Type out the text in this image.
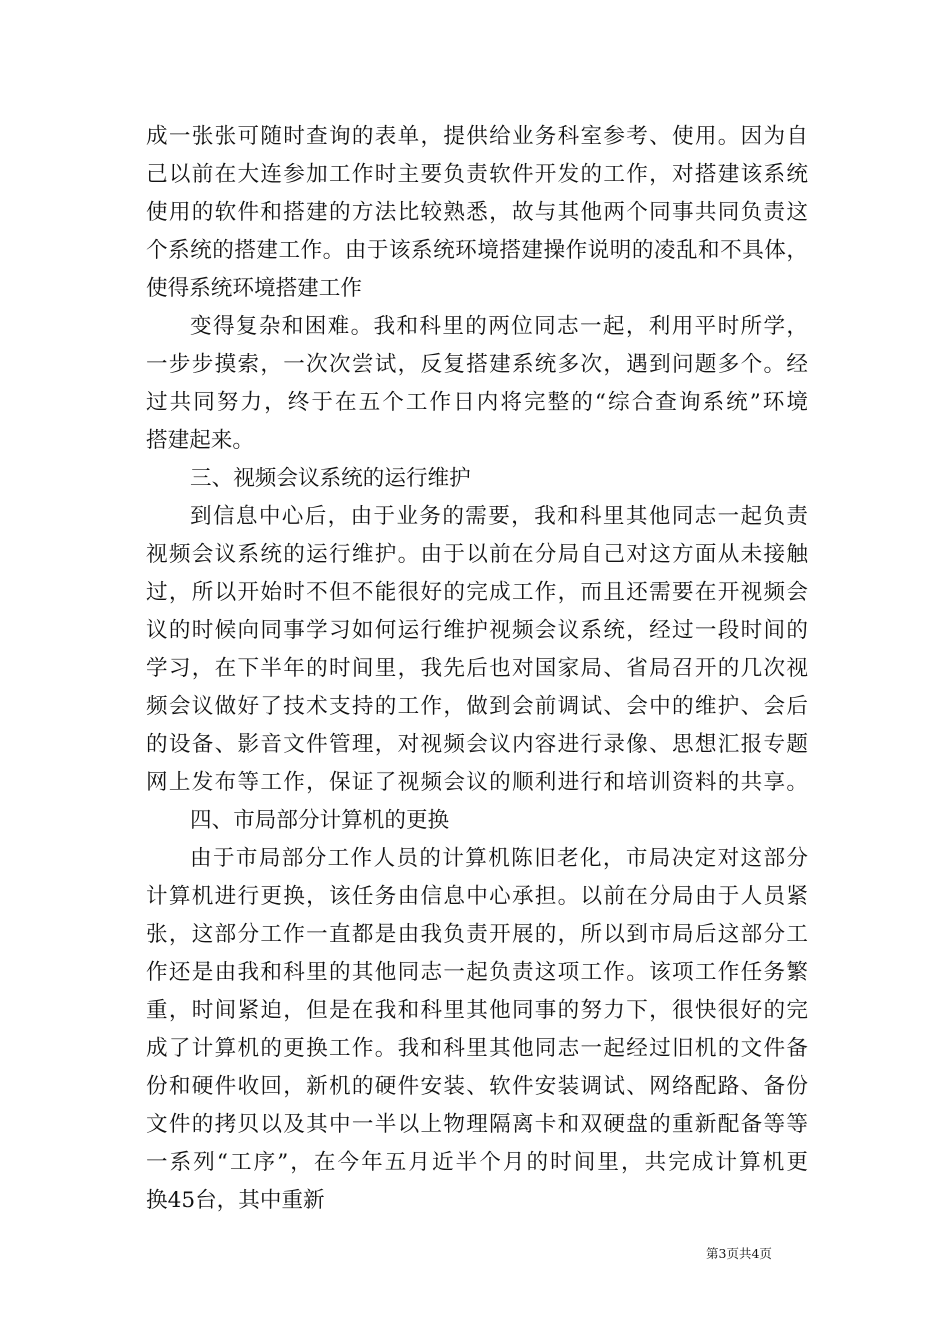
成一张张可随时查询的表单，提供给业务科室参考、使用。因为自
己以前在大连参加工作时主要负责软件开发的工作，对搭建该系统
使用的软件和搭建的方法比较熟悉，故与其他两个同事共同负责这
个系统的搭建工作。由于该系统环境搭建操作说明的凌乱和不具体，
使得系统环境搭建工作
变得复杂和困难。我和科里的两位同志一起，利用平时所学，
一步步摸索，一次次尝试，反复搭建系统多次，遇到问题多个。经
过共同努力，终于在五个工作日内将完整的“综合查询系统”环境
搭建起来。
三、视频会议系统的运行维护
到信息中心后，由于业务的需要，我和科里其他同志一起负责
视频会议系统的运行维护。由于以前在分局自己对这方面从未接触
过，所以开始时不但不能很好的完成工作，而且还需要在开视频会
议的时候向同事学习如何运行维护视频会议系统，经过一段时间的
学习，在下半年的时间里，我先后也对国家局、省局召开的几次视
频会议做好了技术支持的工作，做到会前调试、会中的维护、会后
的设备、影音文件管理，对视频会议内容进行录像、思想汇报专题
网上发布等工作，保证了视频会议的顺利进行和培训资料的共享。
四、市局部分计算机的更换
由于市局部分工作人员的计算机陈旧老化，市局决定对这部分
计算机进行更换，该任务由信息中心承担。以前在分局由于人员紧
张，这部分工作一直都是由我负责开展的，所以到市局后这部分工
作还是由我和科里的其他同志一起负责这项工作。该项工作任务繁
重，时间紧迫，但是在我和科里其他同事的努力下，很快很好的完
成了计算机的更换工作。我和科里其他同志一起经过旧机的文件备
份和硬件收回，新机的硬件安装、软件安装调试、网络配路、备份
文件的拷贝以及其中一半以上物理隔离卡和双硬盘的重新配备等等
一系列“工序”，在今年五月近半个月的时间里，共完成计算机更
换45台，其中重新
第3页共4页
